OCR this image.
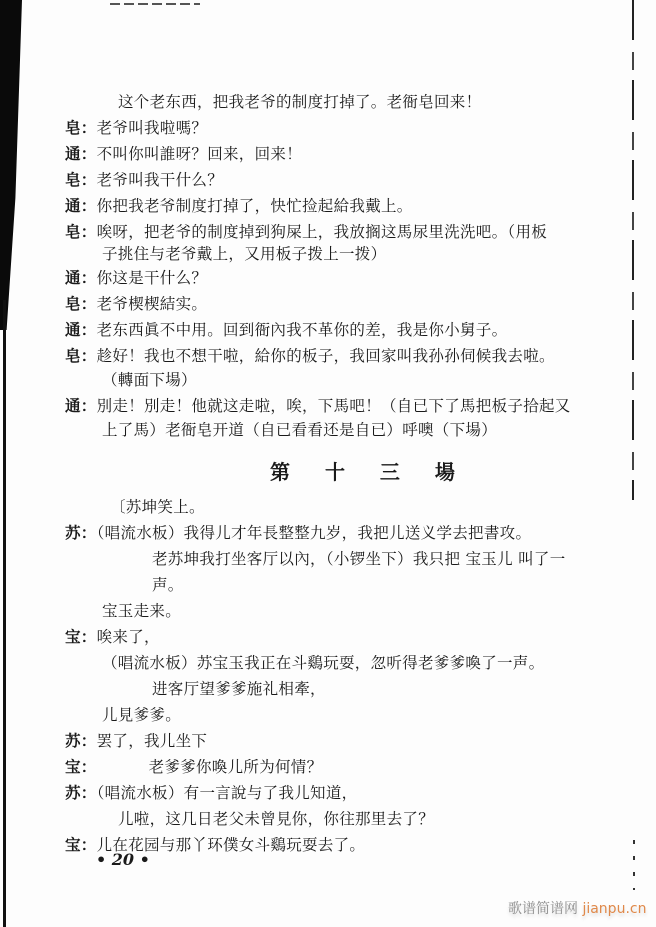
这个老东西，把我老爷的制度打掉了。老衙皂回来！
皂：老爷叫我啦嗎？
通：不叫你叫誰呀？回来，回来！
皂：老爷叫我干什么？
通：你把我老爷制度打掉了，快忙捡起給我戴上。
皂：唉呀，把老爷的制度掉到狗屎上，我放搁这馬尿里洗洗吧。（用板
子挑住与老爷戴上，又用板子拨上一拨）
通：你这是干什么？
皂：老爷楔楔結实。
通：老东西眞不中用。回到衙內我不革你的差，我是你小舅子。
皂：趁好！我也不想干啦，給你的板子，我回家叫我孙孙伺候我去啦。
（轉面下場）
通：別走！別走！他就这走啦，唉，下馬吧！（自已下了馬把板子拾起又
上了馬）老衙皂开道（自已看看还是自已）呼噢（下場）
〔苏坤笑上。
苏：（唱流水板）我得儿才年長整整九岁，我把儿送义学去把書攻。
老苏坤我打坐客厅以內，（小锣坐下）我只把 宝玉儿 叫了一
声。
宝玉走来。
宝：唉来了，
（唱流水板）苏宝玉我正在斗鷄玩耍，忽听得老爹爹喚了一声。
进客厅望爹爹施礼相牽，
儿見爹爹。
苏：罢了，我儿坐下
宝：	老爹爹你喚儿所为何情？
苏：（唱流水板）有一言說与了我儿知道，
儿啦，这几日老父未曾見你，你往那里去了？
宝：儿在花园与那丫环僕女斗鷄玩耍去了。
第 十 三 場
• 20 •
歌谱简谱网 jianpu.cn
